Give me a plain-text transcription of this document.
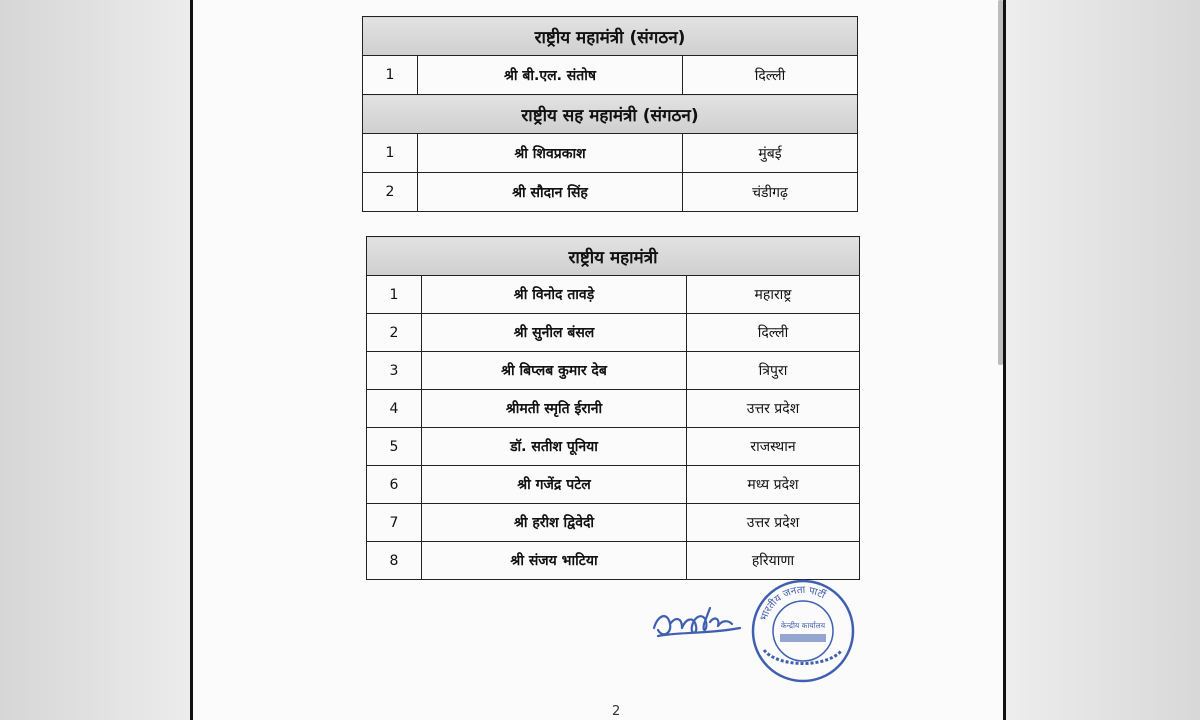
राष्ट्रीय महामंत्री (संगठन)		
1	श्री बी.एल. संतोष	दिल्ली
राष्ट्रीय सह महामंत्री (संगठन)		
1	श्री शिवप्रकाश	मुंबई
2	श्री सौदान सिंह	चंडीगढ़
राष्ट्रीय महामंत्री		
1	श्री विनोद तावड़े	महाराष्ट्र
2	श्री सुनील बंसल	दिल्ली
3	श्री बिप्लब कुमार देब	त्रिपुरा
4	श्रीमती स्मृति ईरानी	उत्तर प्रदेश
5	डॉ. सतीश पूनिया	राजस्थान
6	श्री गजेंद्र पटेल	मध्य प्रदेश
7	श्री हरीश द्विवेदी	उत्तर प्रदेश
8	श्री संजय भाटिया	हरियाणा
भारतीय जनता पार्टी
केन्द्रीय कार्यालय
2
